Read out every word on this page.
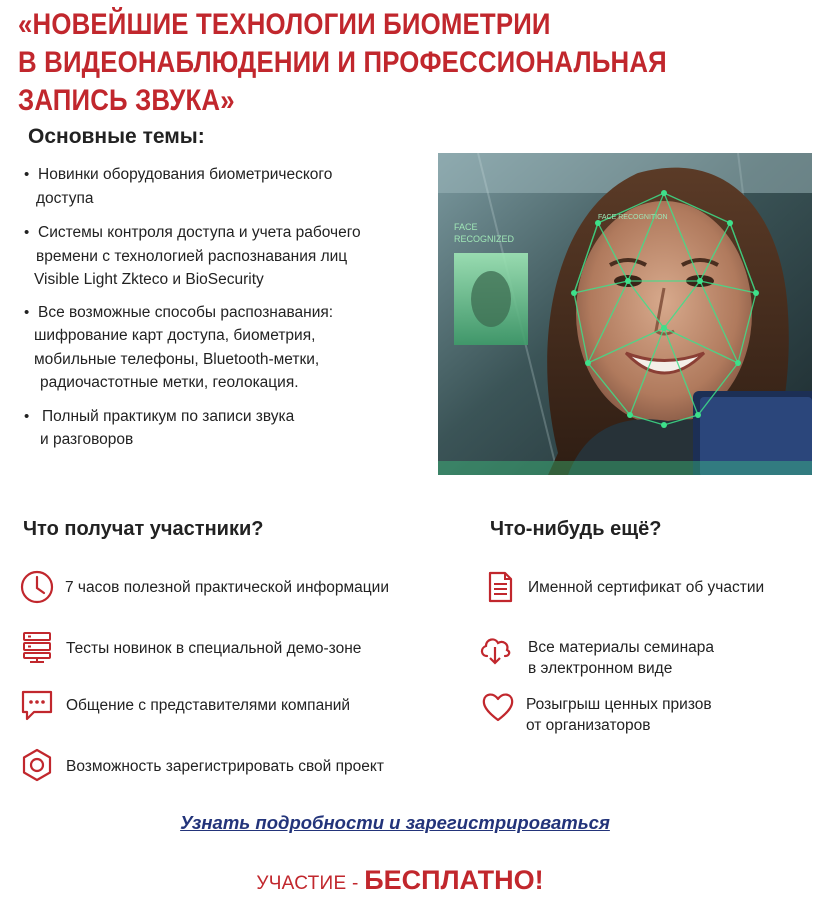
«НОВЕЙШИЕ ТЕХНОЛОГИИ БИОМЕТРИИ
В ВИДЕОНАБЛЮДЕНИИ И ПРОФЕССИОНАЛЬНАЯ
ЗАПИСЬ ЗВУКА»
Основные темы:
• Новинки оборудования биометрического
доступа
• Системы контроля доступа и учета рабочего
времени с технологией распознавания лиц
Visible Light Zkteco и BioSecurity
• Все возможные способы распознавания:
шифрование карт доступа, биометрия,
мобильные телефоны, Bluetooth-метки,
радиочастотные метки, геолокация.
• Полный практикум по записи звука
и разговоров
FACE
RECOGNIZED
FACE RECOGNITION
Что получат участники?	Что-нибудь ещё?
7 часов полезной практической информации
Тесты новинок в специальной демо-зоне
Общение с представителями компаний
Возможность зарегистрировать свой проект
Именной сертификат об участии
Все материалы семинара
в электронном виде
Розыгрыш ценных призов
от организаторов
Узнать подробности и зарегистрироваться
УЧАСТИЕ - БЕСПЛАТНО!
